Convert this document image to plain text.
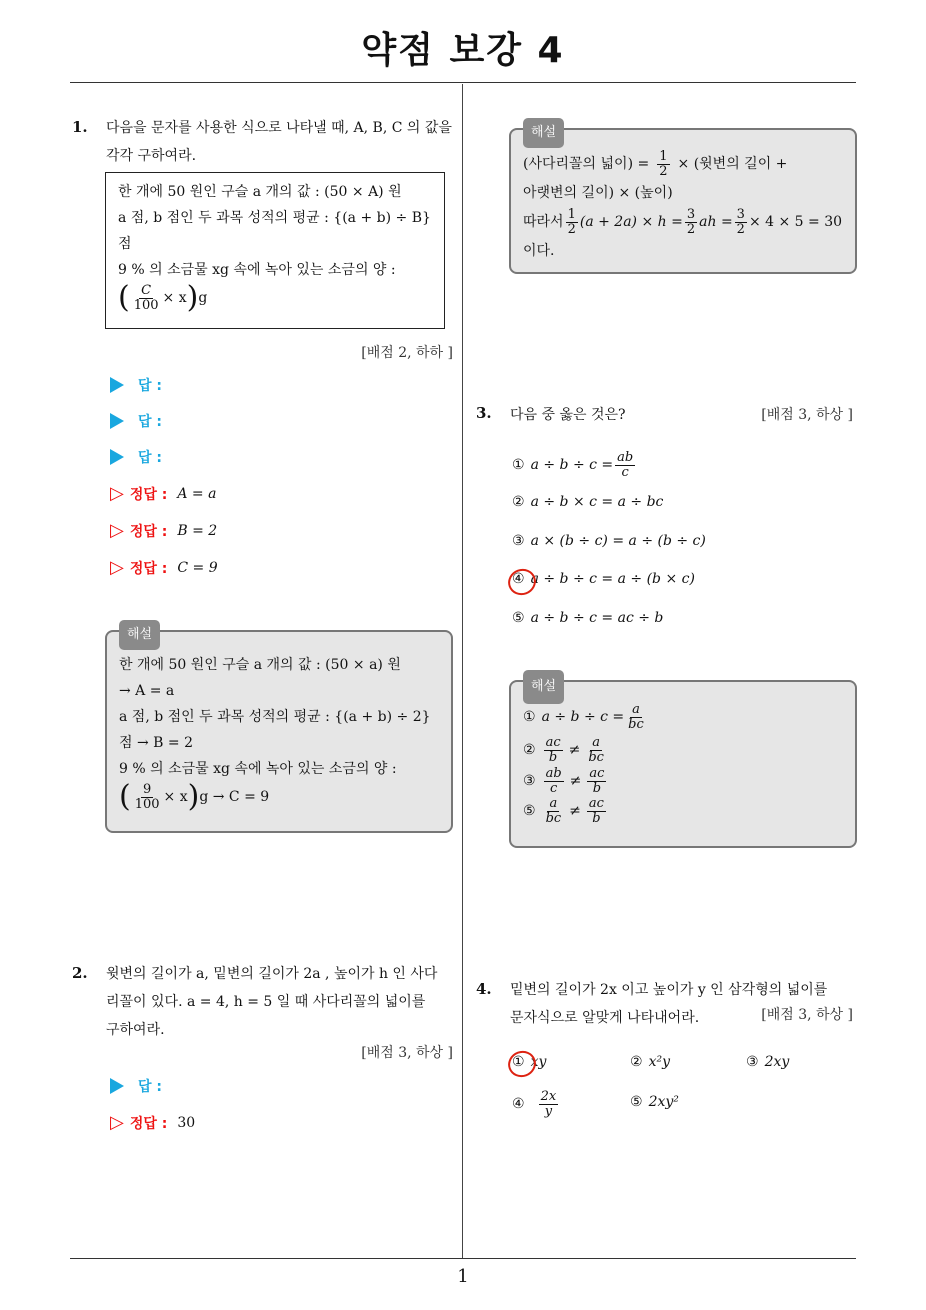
약점 보강 4
1
1. 다음을 문자를 사용한 식으로 나타낼 때, A, B, C 의 값을 각각 구하여라.
한 개에 50 원인 구슬 a 개의 값 : (50 × A) 원
a 점, b 점인 두 과목 성적의 평균 : {(a + b) ÷ B}
점
9 % 의 소금물 xg 속에 녹아 있는 소금의 양 :
( $\frac{C}{100} \times x$ ) g
[배점 2, 하하 ]
답 :
답 :
답 :
▷ 정답 : A = a
▷ 정답 : B = 2
▷ 정답 : C = 9
해설
한 개에 50 원인 구슬 a 개의 값 : (50 × a) 원
→ A = a
a 점, b 점인 두 과목 성적의 평균 : {(a + b) ÷ 2}
점 → B = 2
9 % 의 소금물 xg 속에 녹아 있는 소금의 양 :
( $\frac{9}{100} \times x$ ) g → C = 9
2. 윗변의 길이가 a, 밑변의 길이가 2a , 높이가 h 인 사다
리꼴이 있다. a = 4, h = 5 일 때 사다리꼴의 넓이를
구하여라.
[배점 3, 하상 ]
답 :
▷ 정답 : 30
해설
(사다리꼴의 넓이) = $\frac{1}{2}$ × (윗변의 길이 +
아랫변의 길이) × (높이)
따라서 $\frac{1}{2} (a + 2a) \times h = \frac{3}{2}$ ah = $\frac{3}{2} \times 4 \times 5 = 30$
이다.
3. 다음 중 옳은 것은?	[배점 3, 하상 ]
① $a \div b \div c = \frac{ab}{c}$
② a ÷ b × c = a ÷ bc
③ a × (b ÷ c) = a ÷ (b ÷ c)
④ a ÷ b ÷ c = a ÷ (b × c)
⑤ a ÷ b ÷ c = ac ÷ b
해설
① $a \div b \div c = \frac{a}{bc}$
② $\frac{ac}{b} \ne \frac{a}{bc}$
③ $\frac{ab}{c} \ne \frac{ac}{b}$
⑤ $\frac{a}{bc} \ne \frac{ac}{b}$
4. 밑변의 길이가 2x 이고 높이가 y 인 삼각형의 넓이를
문자식으로 알맞게 나타내어라.	[배점 3, 하상 ]
① xy	② x²y	③ 2xy
④ $\frac{2x}{y}$	⑤ 2xy²
